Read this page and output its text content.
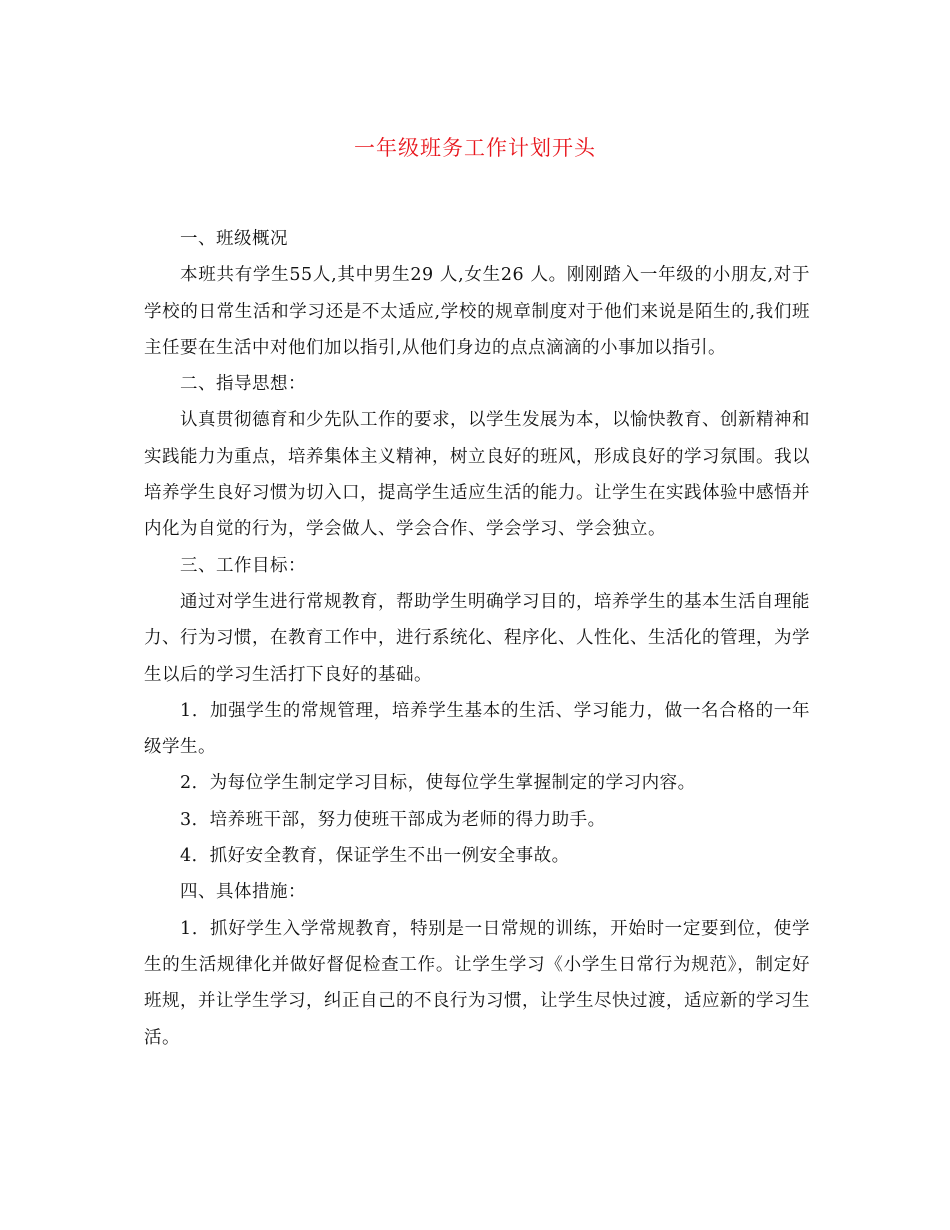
一年级班务工作计划开头

一、班级概况

本班共有学生55人,其中男生29 人,女生26 人。刚刚踏入一年级的小朋友,对于学校的日常生活和学习还是不太适应,学校的规章制度对于他们来说是陌生的,我们班主任要在生活中对他们加以指引,从他们身边的点点滴滴的小事加以指引。

二、指导思想：

认真贯彻德育和少先队工作的要求，以学生发展为本，以愉快教育、创新精神和实践能力为重点，培养集体主义精神，树立良好的班风，形成良好的学习氛围。我以培养学生良好习惯为切入口，提高学生适应生活的能力。让学生在实践体验中感悟并内化为自觉的行为，学会做人、学会合作、学会学习、学会独立。

三、工作目标：

通过对学生进行常规教育，帮助学生明确学习目的，培养学生的基本生活自理能力、行为习惯，在教育工作中，进行系统化、程序化、人性化、生活化的管理，为学生以后的学习生活打下良好的基础。

1．加强学生的常规管理，培养学生基本的生活、学习能力，做一名合格的一年级学生。

2．为每位学生制定学习目标，使每位学生掌握制定的学习内容。

3．培养班干部，努力使班干部成为老师的得力助手。

4．抓好安全教育，保证学生不出一例安全事故。

四、具体措施：

1．抓好学生入学常规教育，特别是一日常规的训练，开始时一定要到位，使学生的生活规律化并做好督促检查工作。让学生学习《小学生日常行为规范》，制定好班规，并让学生学习，纠正自己的不良行为习惯，让学生尽快过渡，适应新的学习生活。
